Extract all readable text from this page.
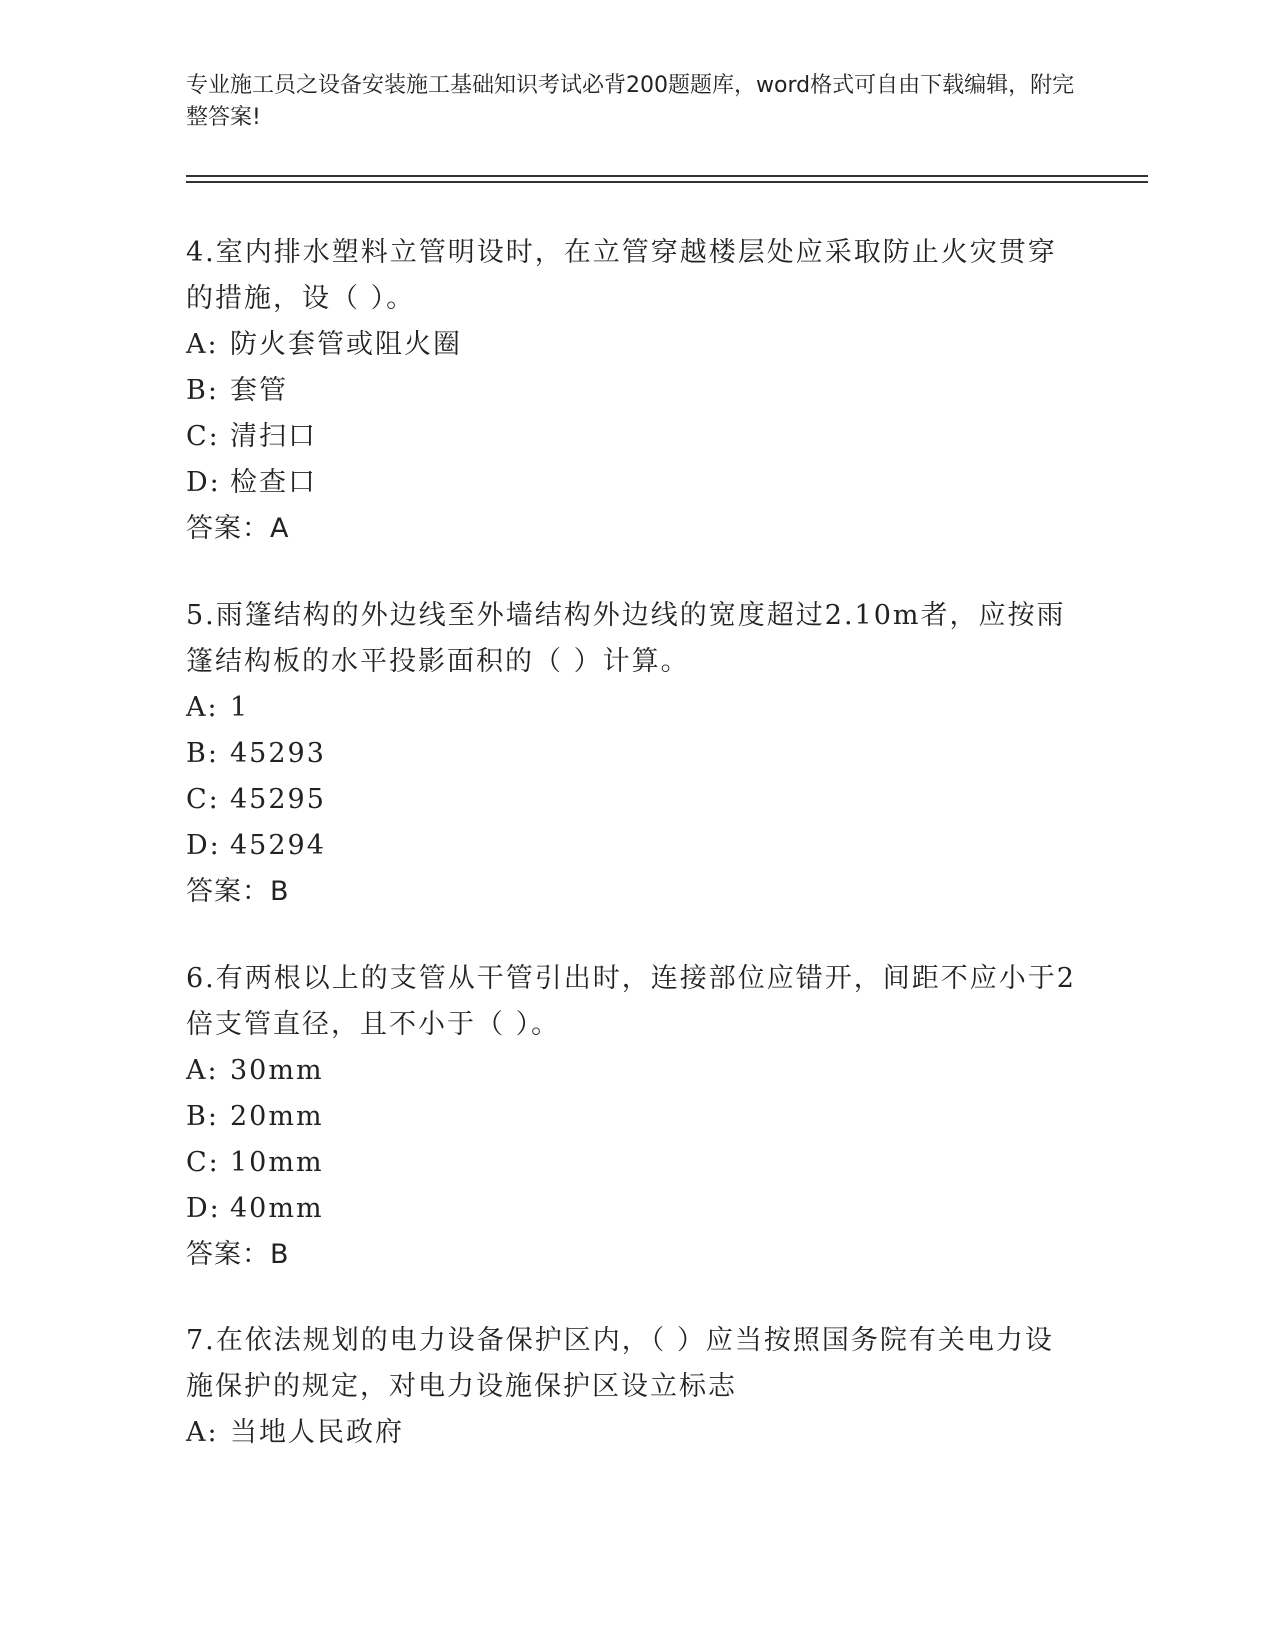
专业施工员之设备安装施工基础知识考试必背200题题库，word格式可自由下载编辑，附完整答案!
4.室内排水塑料立管明设时，在立管穿越楼层处应采取防止火灾贯穿的措施，设（ ）。
A: 防火套管或阻火圈
B: 套管
C: 清扫口
D: 检查口
答案：A
5.雨篷结构的外边线至外墙结构外边线的宽度超过2.10m者，应按雨篷结构板的水平投影面积的（ ）计算。
A: 1
B: 45293
C: 45295
D: 45294
答案：B
6.有两根以上的支管从干管引出时，连接部位应错开，间距不应小于2倍支管直径，且不小于（ ）。
A: 30mm
B: 20mm
C: 10mm
D: 40mm
答案：B
7.在依法规划的电力设备保护区内，（ ）应当按照国务院有关电力设施保护的规定，对电力设施保护区设立标志
A: 当地人民政府
